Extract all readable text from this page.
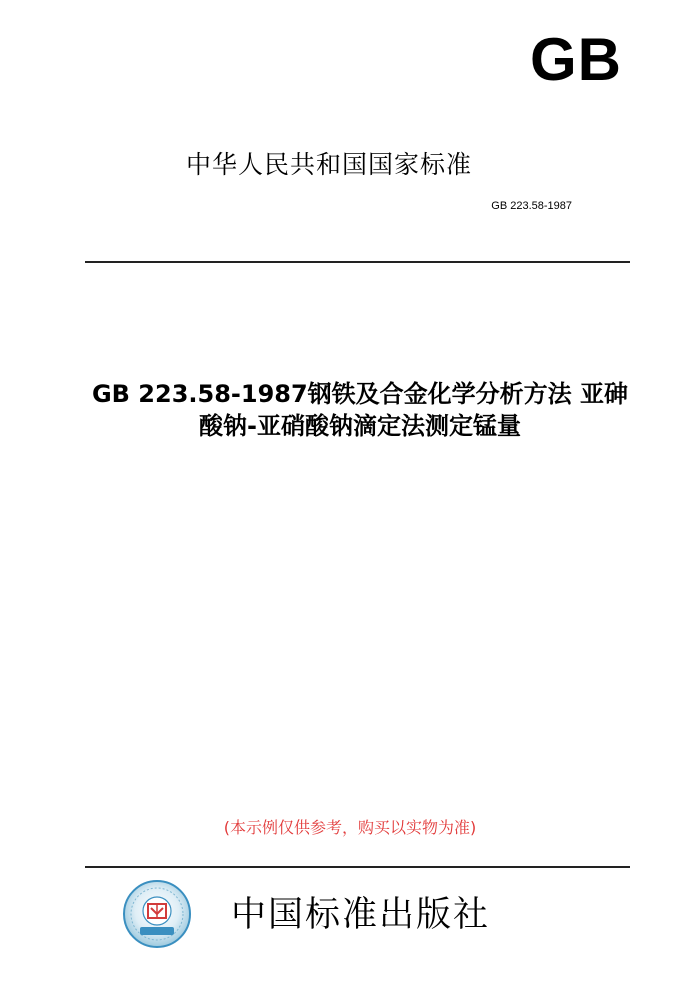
GB
中华人民共和国国家标准
GB 223.58-1987
GB 223.58-1987钢铁及合金化学分析方法 亚砷
酸钠-亚硝酸钠滴定法测定锰量
(本示例仅供参考，购买以实物为准)
中国标准出版社
